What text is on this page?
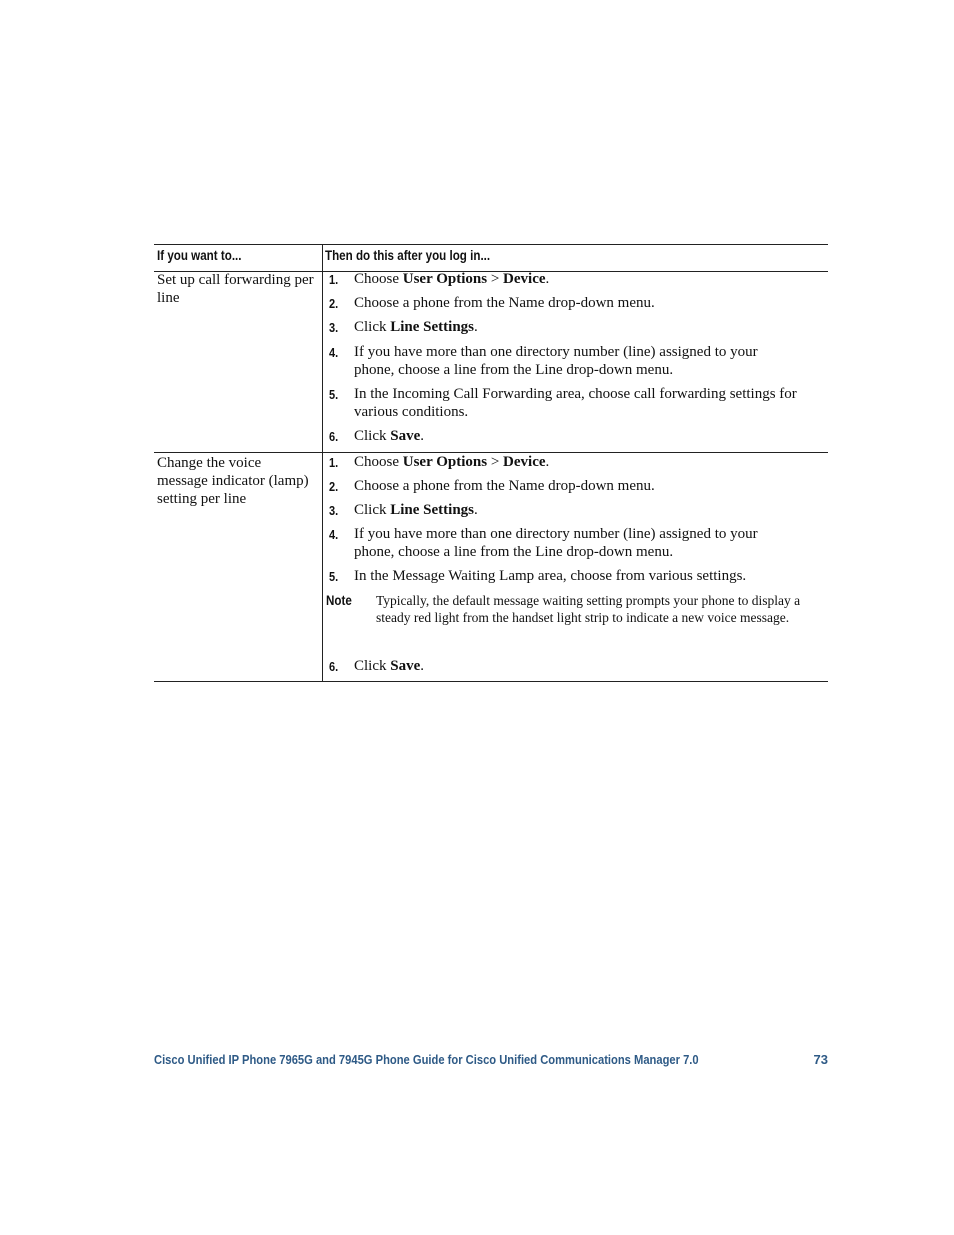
If you want to...	Then do this after you log in...
Set up call forwarding per line
1. Choose User Options > Device.
2. Choose a phone from the Name drop-down menu.
3. Click Line Settings.
4. If you have more than one directory number (line) assigned to your phone, choose a line from the Line drop-down menu.
5. In the Incoming Call Forwarding area, choose call forwarding settings for various conditions.
6. Click Save.
Change the voice message indicator (lamp) setting per line
1. Choose User Options > Device.
2. Choose a phone from the Name drop-down menu.
3. Click Line Settings.
4. If you have more than one directory number (line) assigned to your phone, choose a line from the Line drop-down menu.
5. In the Message Waiting Lamp area, choose from various settings.
Note Typically, the default message waiting setting prompts your phone to display a steady red light from the handset light strip to indicate a new voice message.
6. Click Save.
Cisco Unified IP Phone 7965G and 7945G Phone Guide for Cisco Unified Communications Manager 7.0	73
